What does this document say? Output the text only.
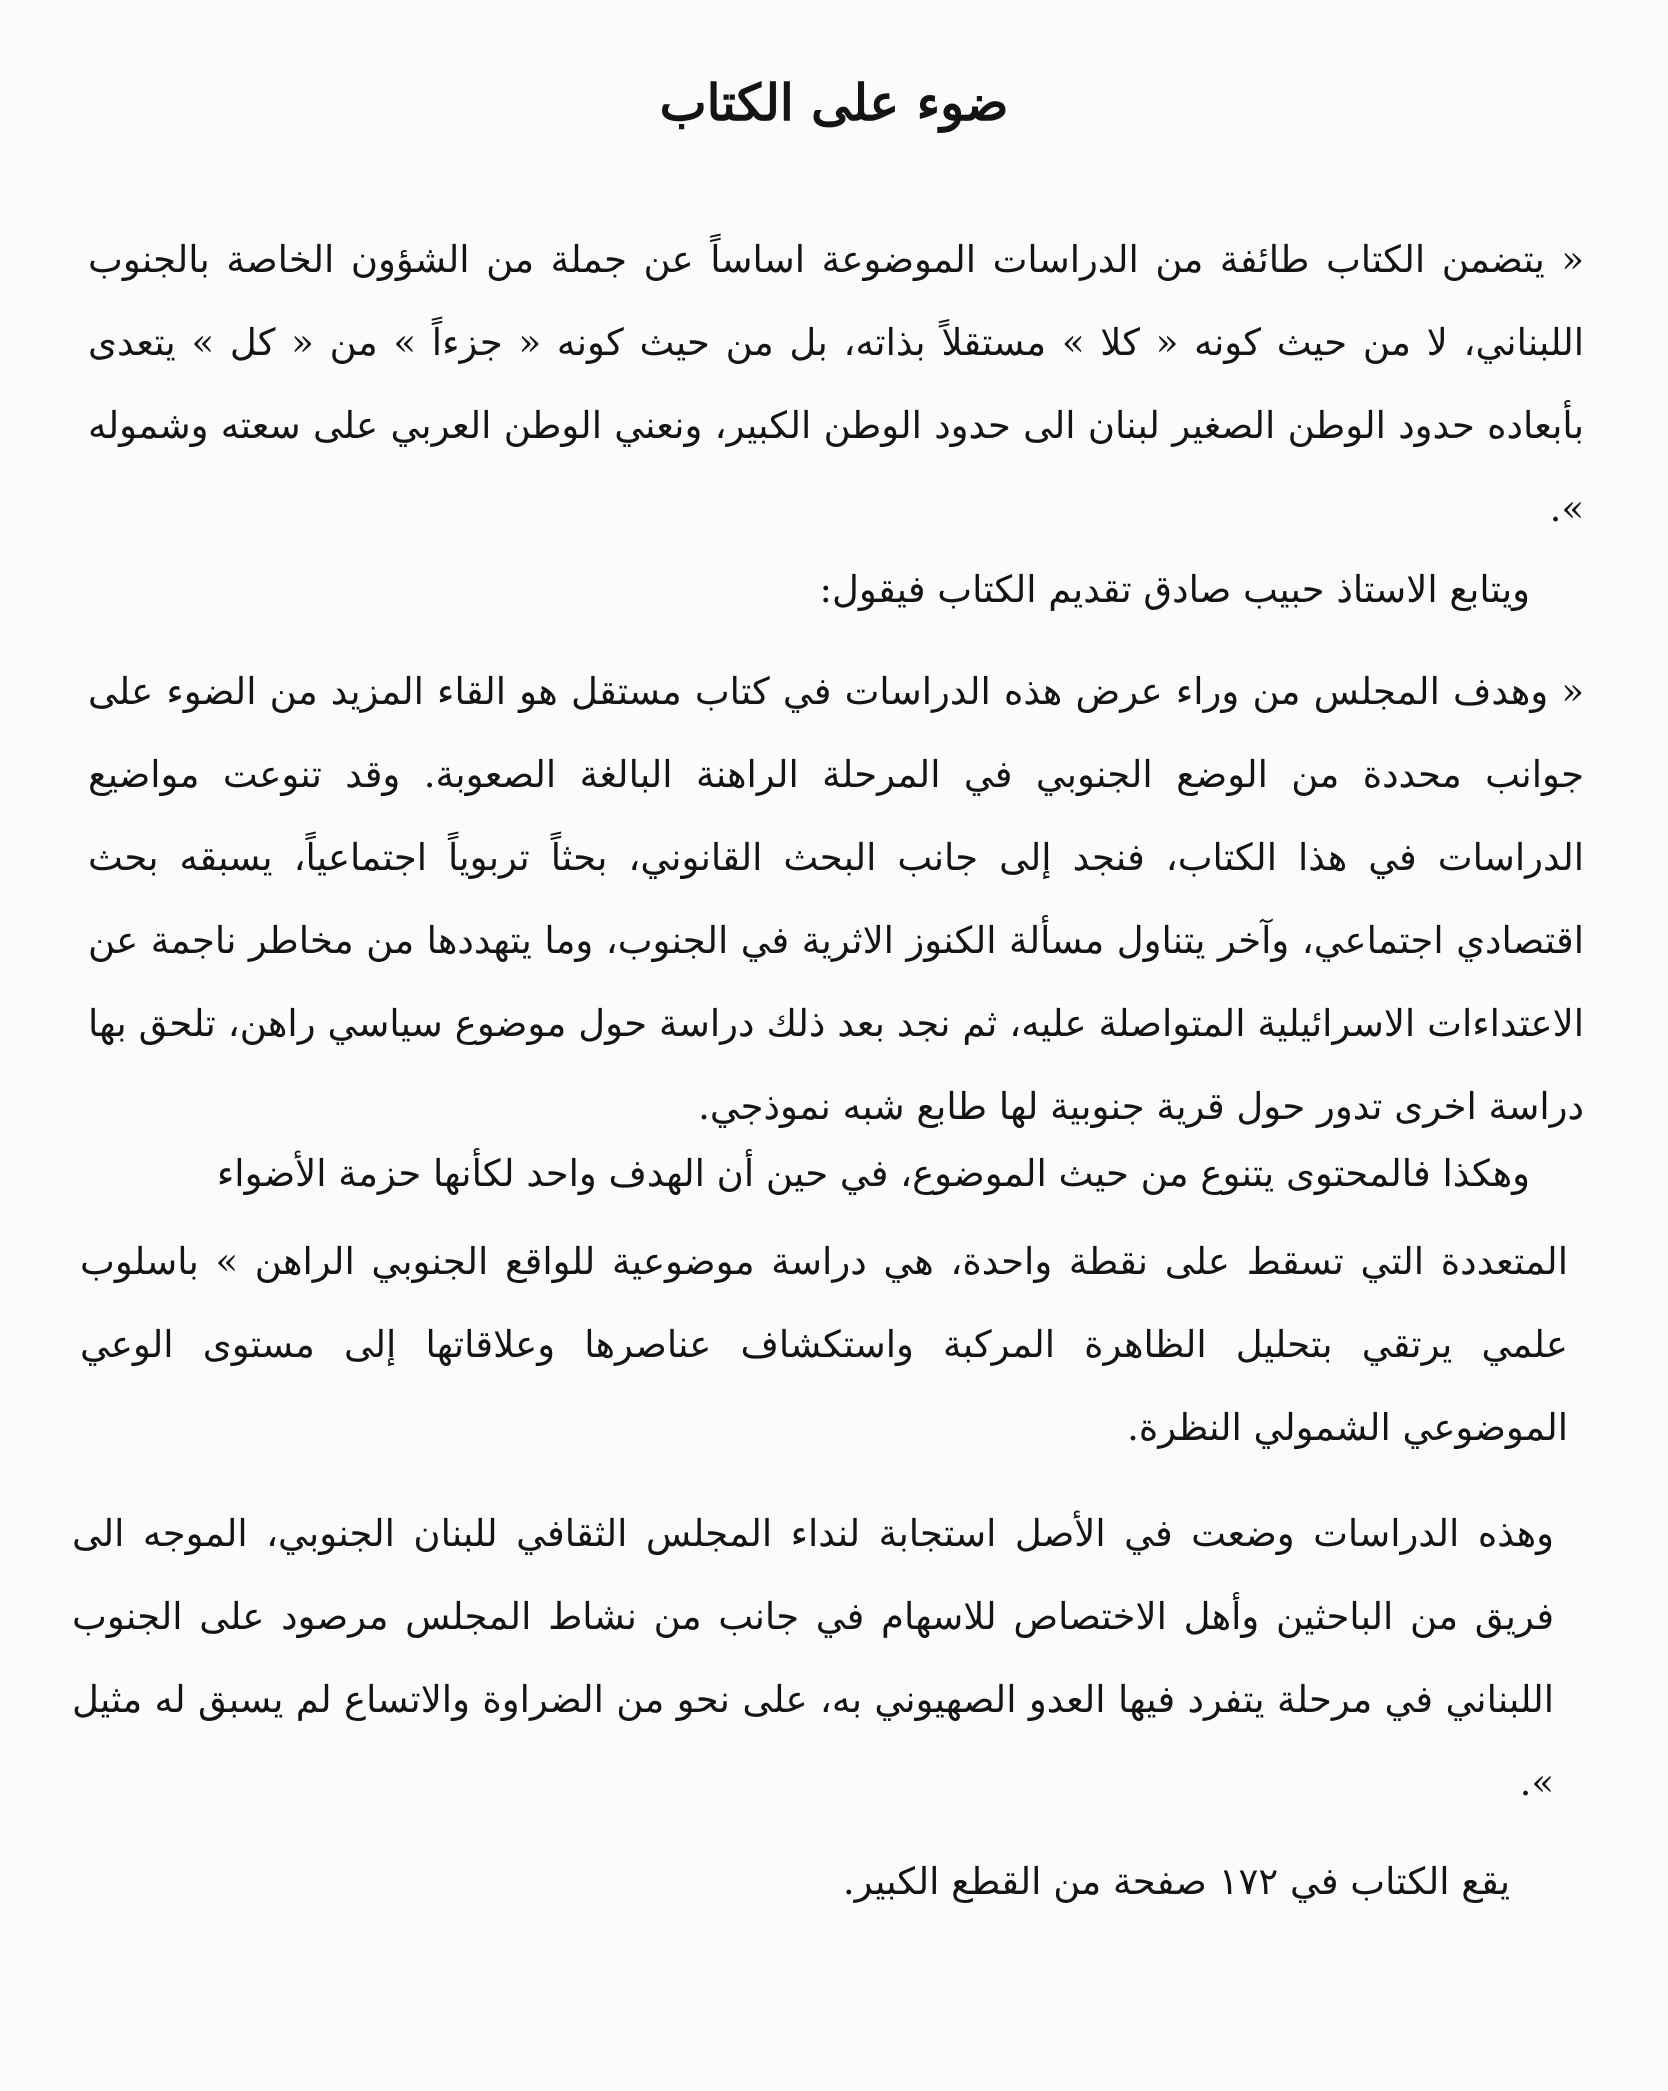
ضوء على الكتاب

« يتضمن الكتاب طائفة من الدراسات الموضوعة اساساً عن جملة من الشؤون الخاصة بالجنوب اللبناني، لا من حيث كونه « كلا » مستقلاً بذاته، بل من حيث كونه « جزءاً » من « كل » يتعدى بأبعاده حدود الوطن الصغير لبنان الى حدود الوطن الكبير، ونعني الوطن العربي على سعته وشموله ».

ويتابع الاستاذ حبيب صادق تقديم الكتاب فيقول:

« وهدف المجلس من وراء عرض هذه الدراسات في كتاب مستقل هو القاء المزيد من الضوء على جوانب محددة من الوضع الجنوبي في المرحلة الراهنة البالغة الصعوبة. وقد تنوعت مواضيع الدراسات في هذا الكتاب، فنجد إلى جانب البحث القانوني، بحثاً تربوياً اجتماعياً، يسبقه بحث اقتصادي اجتماعي، وآخر يتناول مسألة الكنوز الاثرية في الجنوب، وما يتهددها من مخاطر ناجمة عن الاعتداءات الاسرائيلية المتواصلة عليه، ثم نجد بعد ذلك دراسة حول موضوع سياسي راهن، تلحق بها دراسة اخرى تدور حول قرية جنوبية لها طابع شبه نموذجي.

وهكذا فالمحتوى يتنوع من حيث الموضوع، في حين أن الهدف واحد لكأنها حزمة الأضواء

المتعددة التي تسقط على نقطة واحدة، هي دراسة موضوعية للواقع الجنوبي الراهن » باسلوب علمي يرتقي بتحليل الظاهرة المركبة واستكشاف عناصرها وعلاقاتها إلى مستوى الوعي الموضوعي الشمولي النظرة.

وهذه الدراسات وضعت في الأصل استجابة لنداء المجلس الثقافي للبنان الجنوبي، الموجه الى فريق من الباحثين وأهل الاختصاص للاسهام في جانب من نشاط المجلس مرصود على الجنوب اللبناني في مرحلة يتفرد فيها العدو الصهيوني به، على نحو من الضراوة والاتساع لم يسبق له مثيل ».

يقع الكتاب في ١٧٢ صفحة من القطع الكبير.
